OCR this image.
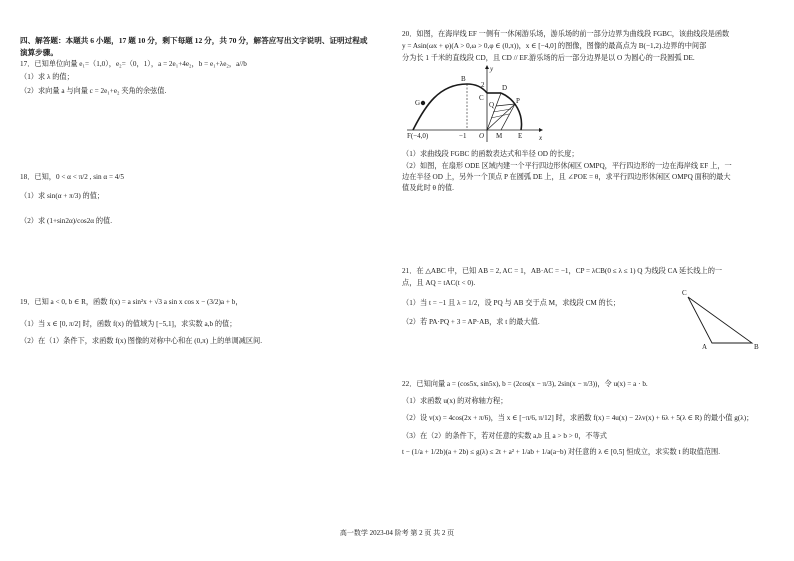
四、解答题：本题共 6 小题，17 题 10 分，剩下每题 12 分，共 70 分，解答应写出文字说明、证明过程或
演算步骤。
17．已知单位向量 e₁=（1,0），e₂=（0，1），a = 2e₁+4e₂，b = e₁+λe₂，a//b
（1）求 λ 的值；
（2）求向量 a 与向量 c = 2e₁+e₂ 夹角的余弦值.
18．已知，0 < α < π/2 , sin α = 4/5
（1）求 sin(α + π/3) 的值；
（2）求 (1+sin2α)/cos2α 的值.
19．已知 a < 0, b ∈ R，函数 f(x) = a sin²x + √3 a sin x cos x − (3/2)a + b，
（1）当 x ∈ [0, π/2] 时，函数 f(x) 的值域为 [−5,1]，求实数 a,b 的值；
（2）在（1）条件下，求函数 f(x) 图像的对称中心和在 (0,π) 上的单调减区间.
20．如图，在海岸线 EF 一侧有一休闲游乐场，游乐场的前一部分边界为曲线段 FGBC，该曲线段是函数
y = Asin(ωx + φ)(A > 0,ω > 0,φ ∈ (0,π))，x ∈ [−4,0] 的图像，图像的最高点为 B(−1,2).边界的中间部
分为长 1 千米的直线段 CD，且 CD // EF.游乐场的后一部分边界是以 O 为圆心的一段圆弧 DE.
（1）求曲线段 FGBC 的函数表达式和半径 OD 的长度；
（2）如图，在扇形 ODE 区域内建一个平行四边形休闲区 OMPQ，平行四边形的一边在海岸线 EF 上，一
边在半径 OD 上，另外一个顶点 P 在圆弧 DE 上，且 ∠POE = θ，求平行四边形休闲区 OMPQ 面积的最大
值及此时 θ 的值.
21．在 △ABC 中，已知 AB = 2, AC = 1，AB·AC = −1，CP = λCB(0 ≤ λ ≤ 1) Q 为线段 CA 延长线上的一
点，且 AQ = tAC(t < 0).
（1）当 t = −1 且 λ = 1/2，设 PQ 与 AB 交于点 M，求线段 CM 的长；
（2）若 PA·PQ + 3 = AP·AB，求 t 的最大值.
22．已知向量 a = (cos5x, sin5x), b = (2cos(x − π/3), 2sin(x − π/3))，令 u(x) = a · b.
（1）求函数 u(x) 的对称轴方程；
（2）设 v(x) = 4cos(2x + π/6)，当 x ∈ [−π/6, π/12] 时，求函数 f(x) = 4u(x) − 2λv(x) + 6λ + 5(λ ∈ R) 的最小值 g(λ)；
（3）在（2）的条件下，若对任意的实数 a,b 且 a > b > 0，不等式
t − (1/a + 1/2b)(a + 2b) ≤ g(λ) ≤ 2t + a² + 1/ab + 1/a(a−b) 对任意的 λ ∈ [0,5] 恒成立，求实数 t 的取值范围.
y
x
B
C
D
G	Q	P
F(−4,0)	−1 O M E
2
C
A	B
高一数学 2023-04 阶考 第 2 页 共 2 页
